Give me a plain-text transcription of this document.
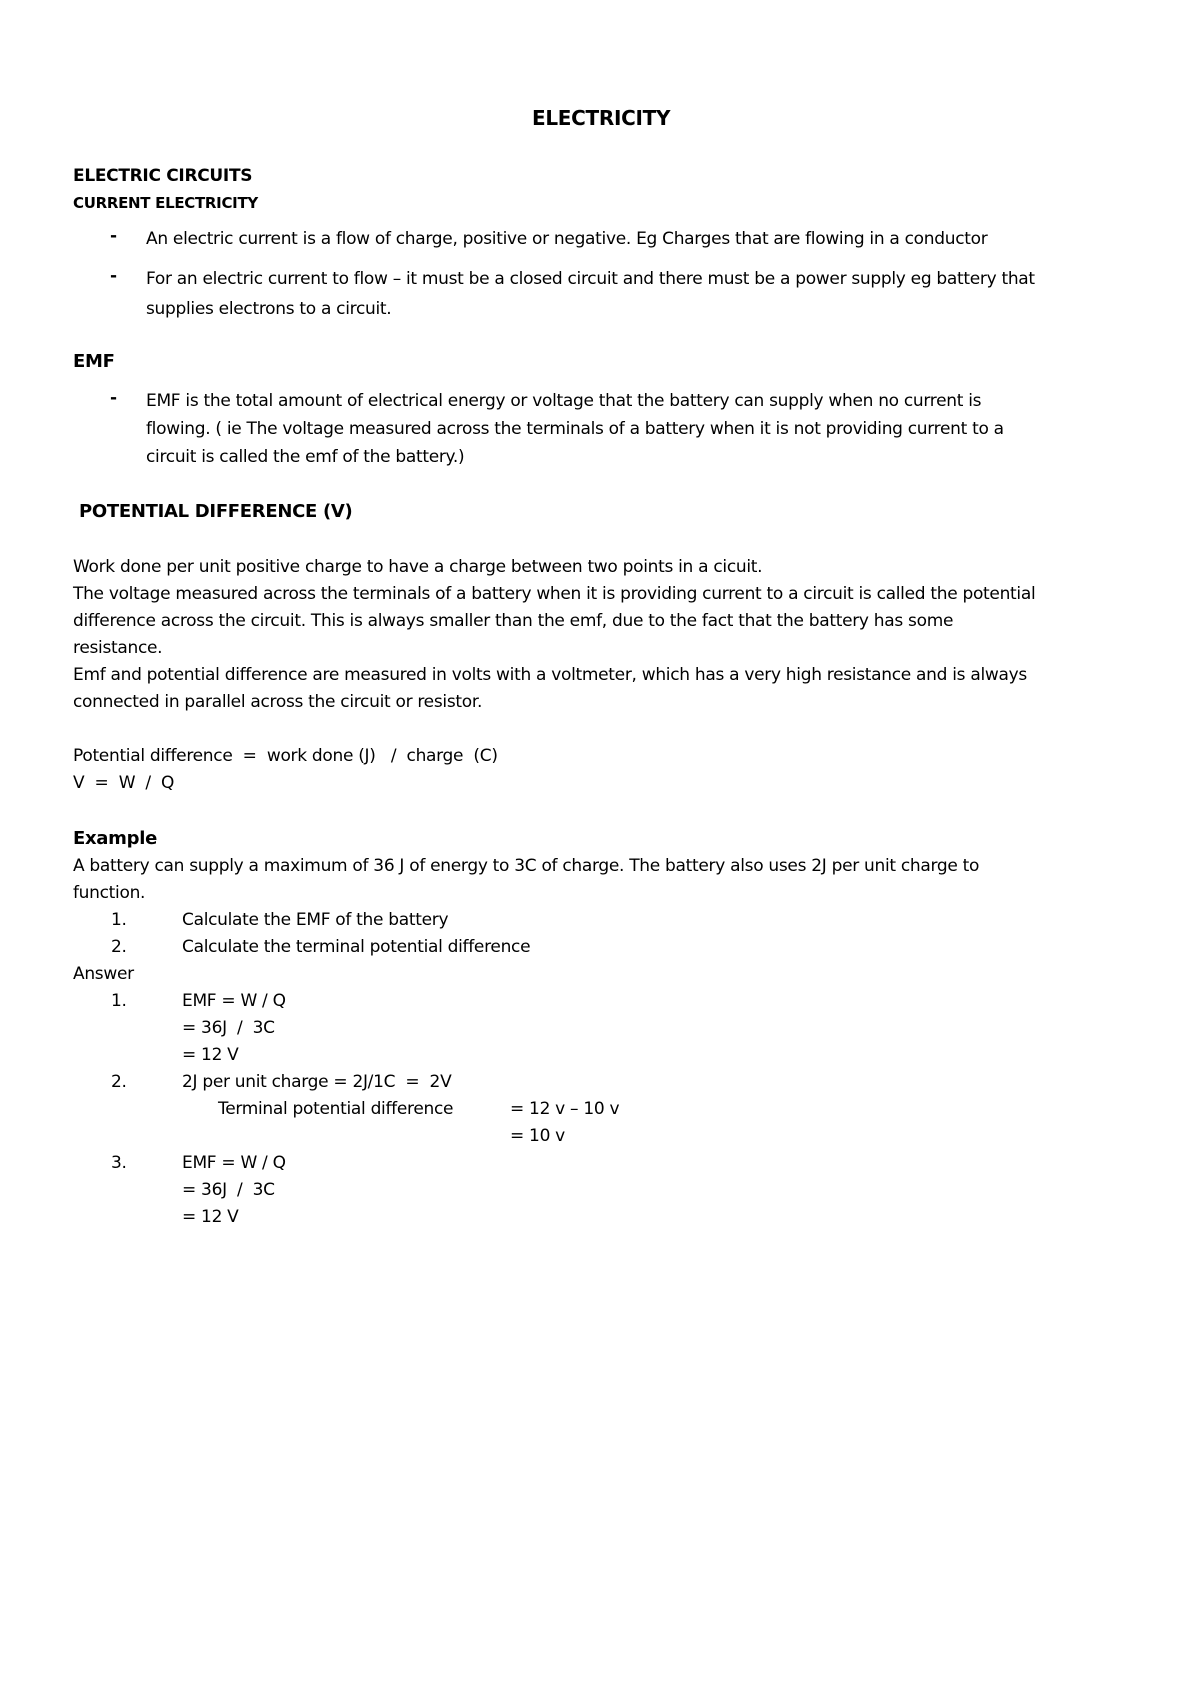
ELECTRICITY
ELECTRIC CIRCUITS
CURRENT ELECTRICITY
- An electric current is a flow of charge, positive or negative. Eg Charges that are flowing in a conductor
- For an electric current to flow – it must be a closed circuit and there must be a power supply eg battery that
supplies electrons to a circuit.
EMF
- EMF is the total amount of electrical energy or voltage that the battery can supply when no current is
flowing. ( ie The voltage measured across the terminals of a battery when it is not providing current to a
circuit is called the emf of the battery.)
POTENTIAL DIFFERENCE (V)
Work done per unit positive charge to have a charge between two points in a cicuit.
The voltage measured across the terminals of a battery when it is providing current to a circuit is called the potential
difference across the circuit. This is always smaller than the emf, due to the fact that the battery has some
resistance.
Emf and potential difference are measured in volts with a voltmeter, which has a very high resistance and is always
connected in parallel across the circuit or resistor.
Potential difference  =  work done (J)   /  charge  (C)
V  =  W  /  Q
Example
A battery can supply a maximum of 36 J of energy to 3C of charge. The battery also uses 2J per unit charge to
function.
1.	Calculate the EMF of the battery
2.	Calculate the terminal potential difference
Answer
1.	EMF = W / Q
= 36J  /  3C
= 12 V
2.	2J per unit charge = 2J/1C  =  2V
Terminal potential difference	= 12 v – 10 v
= 10 v
3.	EMF = W / Q
= 36J  /  3C
= 12 V
